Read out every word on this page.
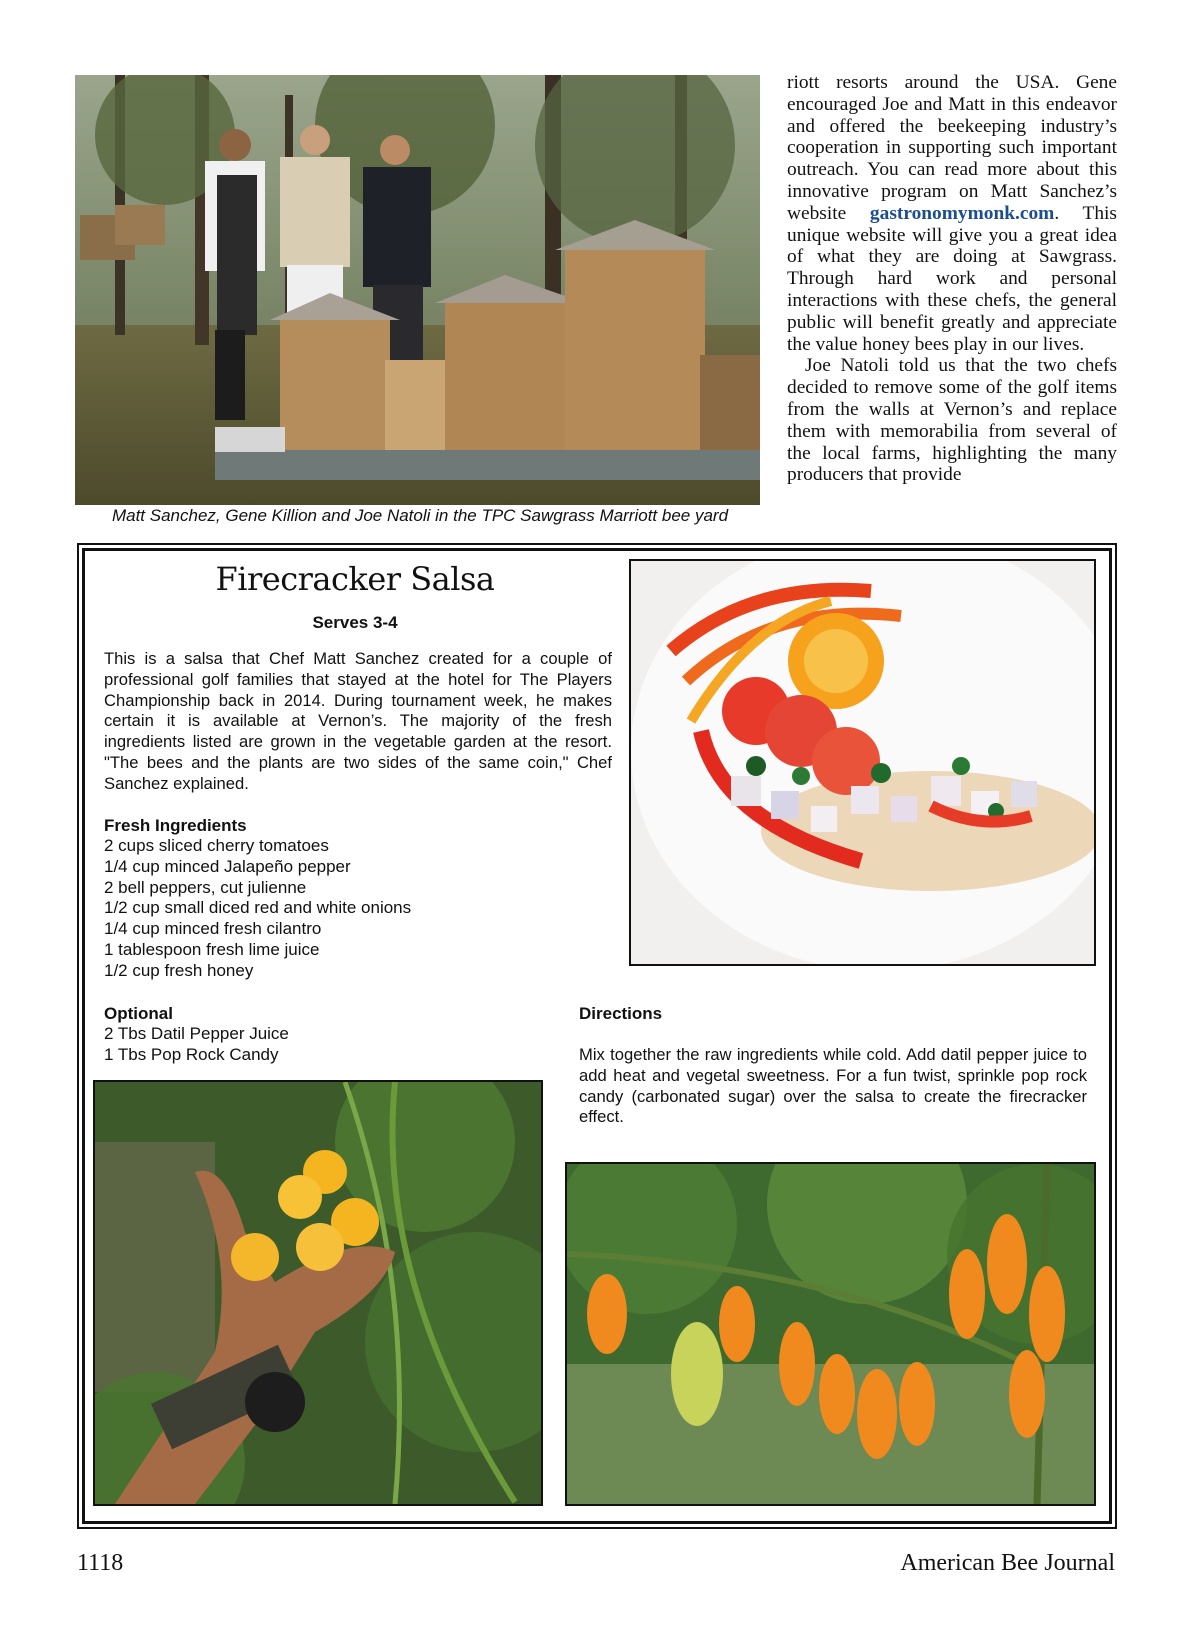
Matt Sanchez, Gene Killion and Joe Natoli in the TPC Sawgrass Marriott bee yard

riott resorts around the USA. Gene encouraged Joe and Matt in this endeavor and offered the beekeeping industry’s cooperation in supporting such important outreach. You can read more about this innovative program on Matt Sanchez’s website gastronomymonk.com. This unique website will give you a great idea of what they are doing at Sawgrass. Through hard work and personal interactions with these chefs, the general public will benefit greatly and appreciate the value honey bees play in our lives.

Joe Natoli told us that the two chefs decided to remove some of the golf items from the walls at Vernon’s and replace them with memorabilia from several of the local farms, highlighting the many producers that provide

Firecracker Salsa
Serves 3-4
This is a salsa that Chef Matt Sanchez created for a couple of professional golf families that stayed at the hotel for The Players Championship back in 2014. During tournament week, he makes certain it is available at Vernon’s. The majority of the fresh ingredients listed are grown in the vegetable garden at the resort. "The bees and the plants are two sides of the same coin," Chef Sanchez explained.
Fresh Ingredients
2 cups sliced cherry tomatoes
1/4 cup minced Jalapeño pepper
2 bell peppers, cut julienne
1/2 cup small diced red and white onions
1/4 cup minced fresh cilantro
1 tablespoon fresh lime juice
1/2 cup fresh honey
Optional
2 Tbs Datil Pepper Juice
1 Tbs Pop Rock Candy
Directions
Mix together the raw ingredients while cold. Add datil pepper juice to add heat and vegetal sweetness. For a fun twist, sprinkle pop rock candy (carbonated sugar) over the salsa to create the firecracker effect.
1118	American Bee Journal
